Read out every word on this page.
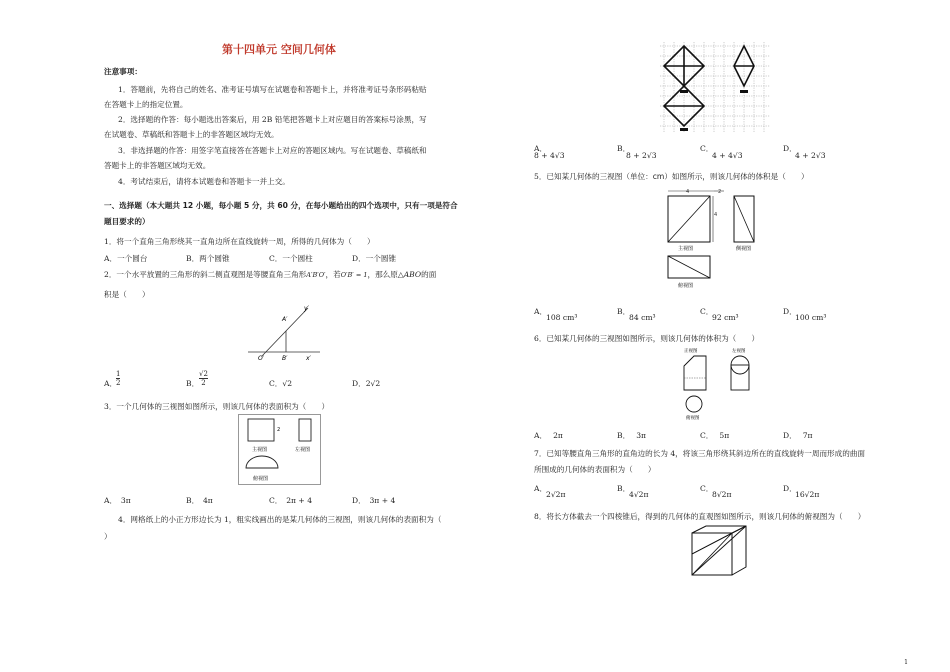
第十四单元 空间几何体
注意事项：
1．答题前，先将自己的姓名、准考证号填写在试题卷和答题卡上，并将准考证号条形码粘贴
在答题卡上的指定位置。
2．选择题的作答：每小题选出答案后，用 2B 铅笔把答题卡上对应题目的答案标号涂黑，写
在试题卷、草稿纸和答题卡上的非答题区域均无效。
3．非选择题的作答：用签字笔直接答在答题卡上对应的答题区域内。写在试题卷、草稿纸和
答题卡上的非答题区域均无效。
4．考试结束后，请将本试题卷和答题卡一并上交。
一、选择题（本大题共 12 小题，每小题 5 分，共 60 分，在每小题给出的四个选项中，只有一项是符合
题目要求的）
1．将一个直角三角形绕其一直角边所在直线旋转一周，所得的几何体为（　　）
A．一个圆台	B．两个圆锥	C．一个圆柱	D．一个圆锥
2．一个水平放置的三角形的斜二侧直观图是等腰直角三角形A′B′O′，若O′B′ = 1，那么原△ABO的面
积是（　　）
y′
A′
O′	B′	x′
A．
1
2	B．
√2
2	C．√2	D．2√2
3．一个几何体的三视图如图所示，则该几何体的表面积为（　　）
2
主视图	左视图
俯视图
A．　3π	B．　4π	C．　2π + 4	D．　3π + 4
4．网格纸上的小正方形边长为 1，粗实线画出的是某几何体的三视图，则该几何体的表面积为（
）
A．
8 + 4√3
B．
8 + 2√3
C．
4 + 4√3
D．
4 + 2√3
5．已知某几何体的三视图（单位：cm）如图所示，则该几何体的体积是（　　）
4	2
4
主视图	侧视图
俯视图
A．
108 cm³
B．
84 cm³
C．
92 cm³
D．
100 cm³
6．已知某几何体的三视图如图所示，则该几何体的体积为（　　）
正视图	左视图
俯视图
A． 2π	B． 3π	C． 5π	D． 7π
7．已知等腰直角三角形的直角边的长为 4，将该三角形绕其斜边所在的直线旋转一周而形成的曲面
所围成的几何体的表面积为（　　）
A．
2√2π
B．
4√2π
C．
8√2π
D．
16√2π
8．将长方体截去一个四棱锥后，得到的几何体的直观图如图所示，则该几何体的俯视图为（　　）
1
